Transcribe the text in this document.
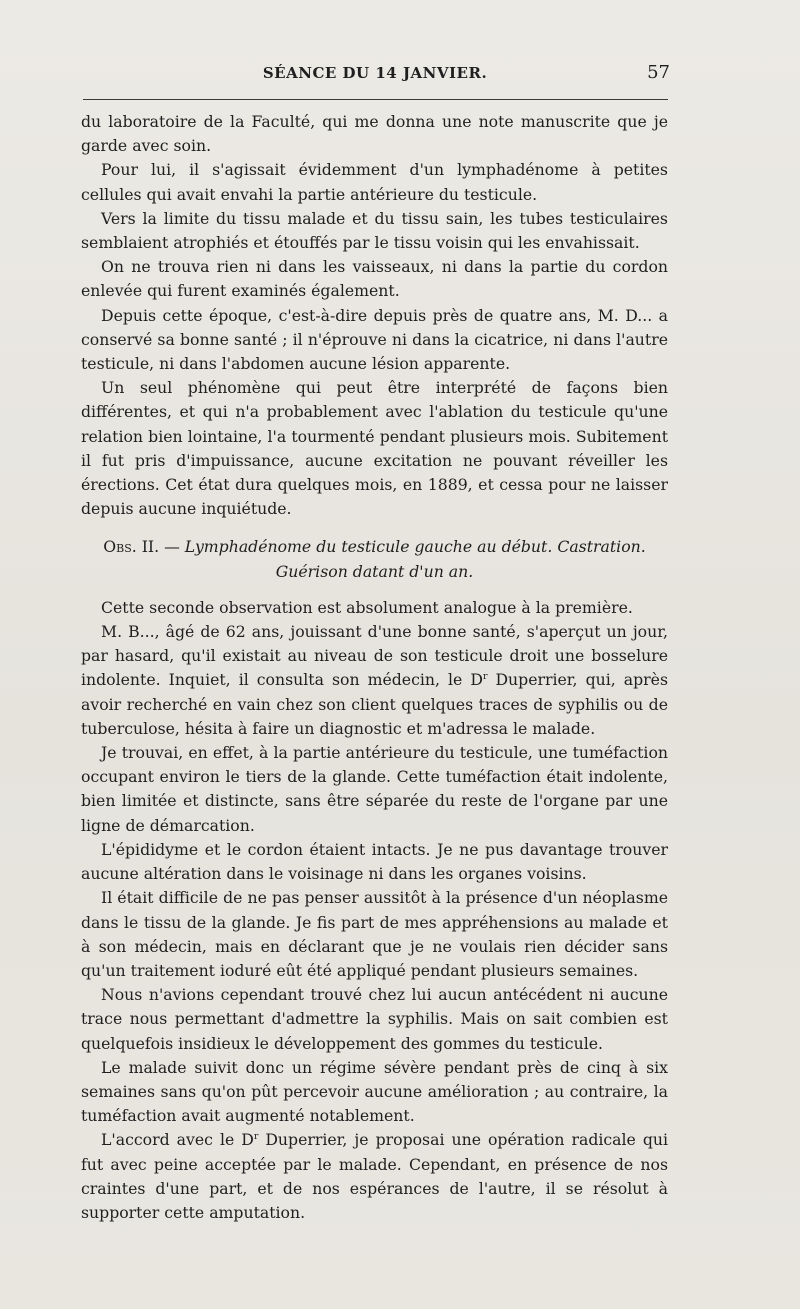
SÉANCE DU 14 JANVIER.	57

du laboratoire de la Faculté, qui me donna une note manuscrite que je garde avec soin.

Pour lui, il s'agissait évidemment d'un lymphadénome à petites cellules qui avait envahi la partie antérieure du testicule.

Vers la limite du tissu malade et du tissu sain, les tubes testiculaires semblaient atrophiés et étouffés par le tissu voisin qui les envahissait.

On ne trouva rien ni dans les vaisseaux, ni dans la partie du cordon enlevée qui furent examinés également.

Depuis cette époque, c'est-à-dire depuis près de quatre ans, M. D... a conservé sa bonne santé ; il n'éprouve ni dans la cicatrice, ni dans l'autre testicule, ni dans l'abdomen aucune lésion apparente.

Un seul phénomène qui peut être interprété de façons bien différentes, et qui n'a probablement avec l'ablation du testicule qu'une relation bien lointaine, l'a tourmenté pendant plusieurs mois. Subitement il fut pris d'impuissance, aucune excitation ne pouvant réveiller les érections. Cet état dura quelques mois, en 1889, et cessa pour ne laisser depuis aucune inquiétude.

Obs. II. — Lymphadénome du testicule gauche au début. Castration.
Guérison datant d'un an.

Cette seconde observation est absolument analogue à la première.

M. B..., âgé de 62 ans, jouissant d'une bonne santé, s'aperçut un jour, par hasard, qu'il existait au niveau de son testicule droit une bosselure indolente. Inquiet, il consulta son médecin, le $D^r$ Duperrier, qui, après avoir recherché en vain chez son client quelques traces de syphilis ou de tuberculose, hésita à faire un diagnostic et m'adressa le malade.

Je trouvai, en effet, à la partie antérieure du testicule, une tuméfaction occupant environ le tiers de la glande. Cette tuméfaction était indolente, bien limitée et distincte, sans être séparée du reste de l'organe par une ligne de démarcation.

L'épididyme et le cordon étaient intacts. Je ne pus davantage trouver aucune altération dans le voisinage ni dans les organes voisins.

Il était difficile de ne pas penser aussitôt à la présence d'un néoplasme dans le tissu de la glande. Je fis part de mes appréhensions au malade et à son médecin, mais en déclarant que je ne voulais rien décider sans qu'un traitement ioduré eût été appliqué pendant plusieurs semaines.

Nous n'avions cependant trouvé chez lui aucun antécédent ni aucune trace nous permettant d'admettre la syphilis. Mais on sait combien est quelquefois insidieux le développement des gommes du testicule.

Le malade suivit donc un régime sévère pendant près de cinq à six semaines sans qu'on pût percevoir aucune amélioration ; au contraire, la tuméfaction avait augmenté notablement.

L'accord avec le $D^r$ Duperrier, je proposai une opération radicale qui fut avec peine acceptée par le malade. Cependant, en présence de nos craintes d'une part, et de nos espérances de l'autre, il se résolut à supporter cette amputation.
